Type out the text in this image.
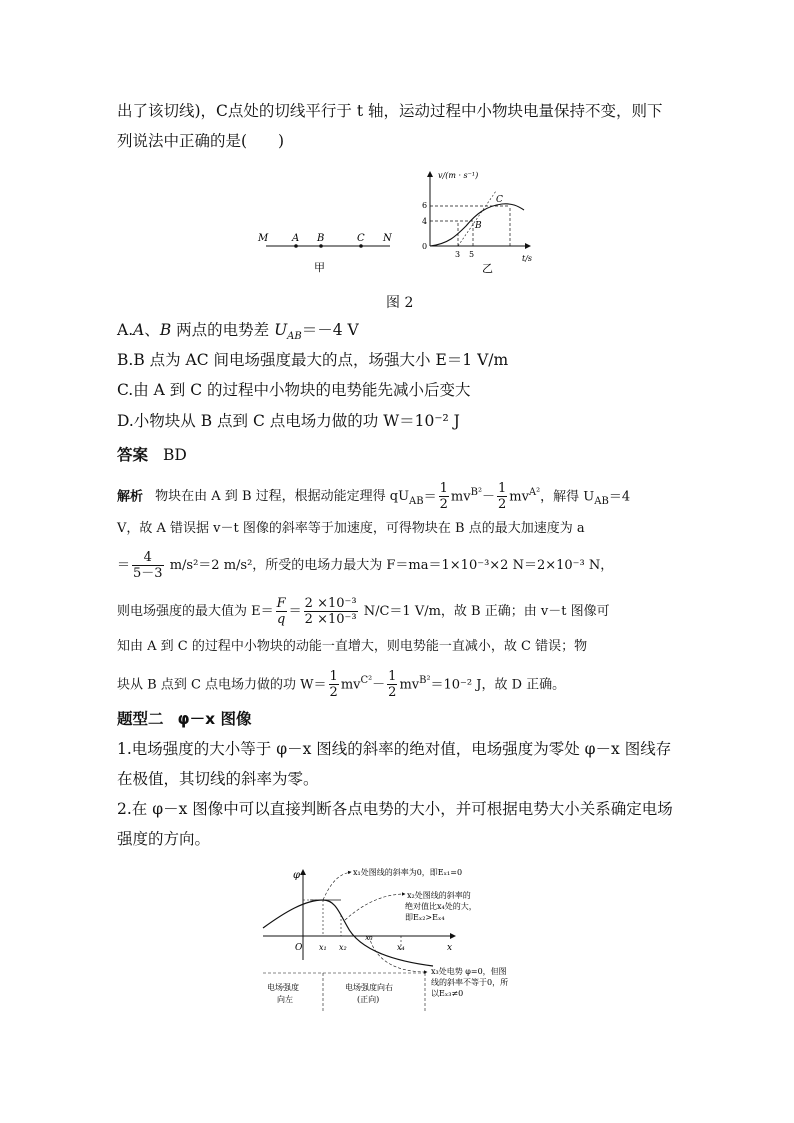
出了该切线)，C点处的切线平行于 t 轴，运动过程中小物块电量保持不变，则下

列说法中正确的是(　　)

M A B	C N
甲
v/(m · s⁻¹)
t/s
0
6
4
3 5
B
C
乙
图 2

A.A、B 两点的电势差 $U_{AB}=-4$ V

B.B 点为 AC 间电场强度最大的点，场强大小 E＝1 V/m

C.由 A 到 C 的过程中小物块的电势能先减小后变大

D.小物块从 B 点到 C 点电场力做的功 W＝10⁻² J

答案 BD

解析 物块在由 A 到 B 过程，根据动能定理得 $qU_{AB}= \frac{1}{2} mv^{B^2}- \frac{1}{2} mv^{A^2}$，解得 $U_{AB}=4$

V，故 A 错误据 v－t 图像的斜率等于加速度，可得物块在 B 点的最大加速度为 a

＝ $\frac{4}{5-3} m/s^2=2$ m/s²，所受的电场力最大为 F＝ma＝1×10⁻³×2 N＝2×10⁻³ N，

则电场强度的最大值为 $E= \frac{F}{q} = \frac{\text{2 ×10⁻³}}{\text{2 ×10⁻³}} N/C=1$ V/m，故 B 正确；由 v－t 图像可

知由 A 到 C 的过程中小物块的动能一直增大，则电势能一直减小，故 C 错误；物

块从 B 点到 C 点电场力做的功 $W= \frac{1}{2} mv^{C^2}- \frac{1}{2} mv^{B^2}=10^{-2}$ J，故 D 正确。

题型二 φ－x 图像

1.电场强度的大小等于 φ－x 图线的斜率的绝对值，电场强度为零处 φ－x 图线存

在极值，其切线的斜率为零。

2.在 φ－x 图像中可以直接判断各点电势的大小，并可根据电势大小关系确定电场

强度的方向。

φ
x
O x₁ x₂
x₃
x₄
x₁处图线的斜率为0，即Eₓ₁=0
x₂处图线的斜率的
绝对值比x₄处的大，
即Eₓ₂>Eₓ₄
x₃处电势 φ=0，但图
线的斜率不等于0，所
以Eₓ₃≠0
电场强度
向左
电场强度向右
(正向)
